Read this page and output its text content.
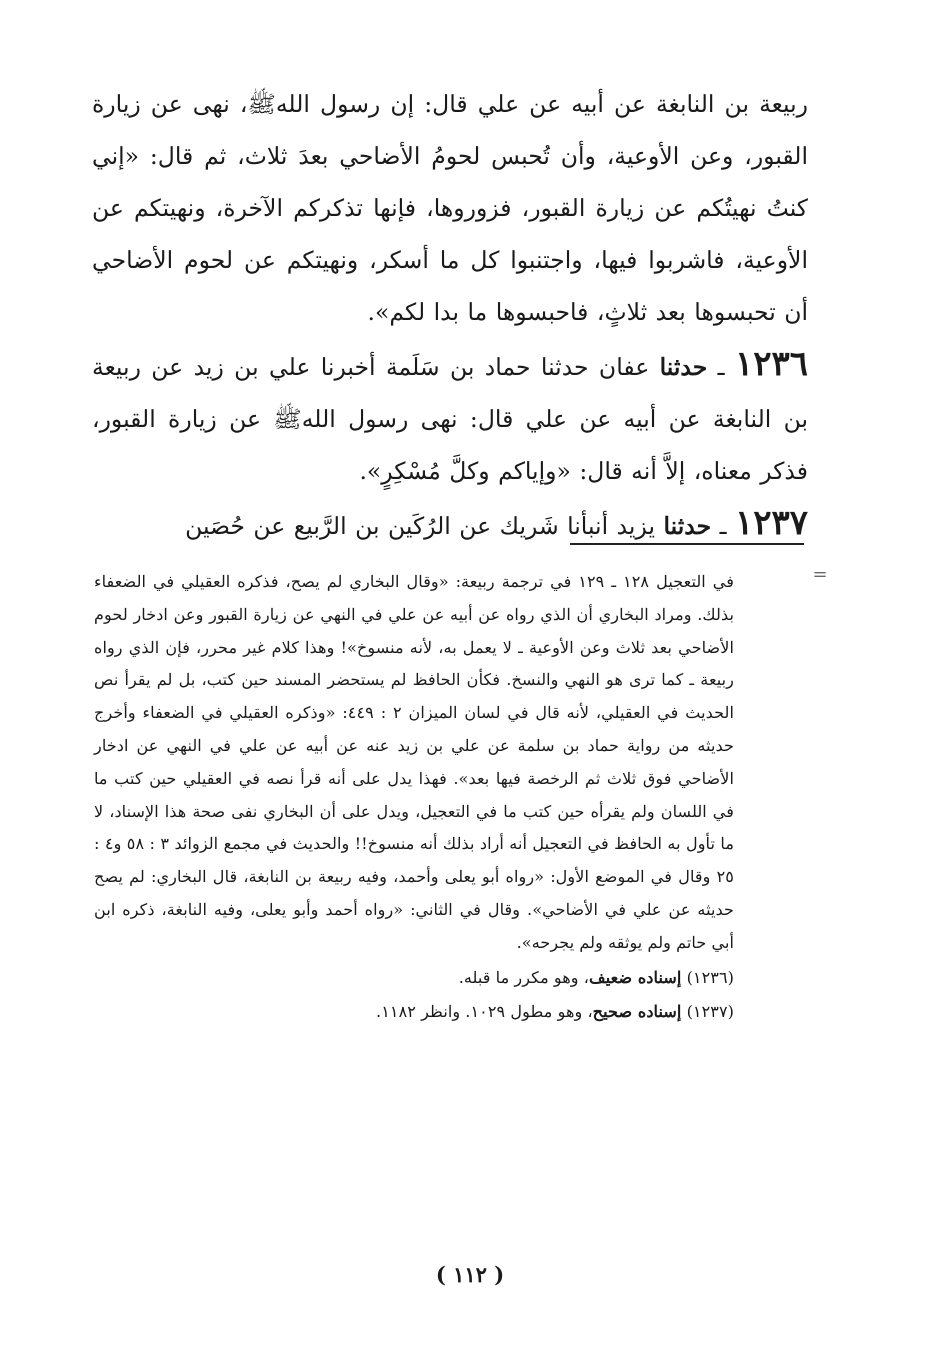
ربيعة بن النابغة عن أبيه عن علي قال: إن رسول اللهﷺ، نهى عن زيارة القبور، وعن الأوعية، وأن تُحبس لحومُ الأضاحي بعدَ ثلاث، ثم قال: «إني كنتُ نهيتُكم عن زيارة القبور، فزوروها، فإنها تذكركم الآخرة، ونهيتكم عن الأوعية، فاشربوا فيها، واجتنبوا كل ما أسكر، ونهيتكم عن لحوم الأضاحي أن تحبسوها بعد ثلاثٍ، فاحبسوها ما بدا لكم».

١٢٣٦ ـ حدثنا عفان حدثنا حماد بن سَلَمة أخبرنا علي بن زيد عن ربيعة بن النابغة عن أبيه عن علي قال: نهى رسول اللهﷺ عن زيارة القبور، فذكر معناه، إلاَّ أنه قال: «وإياكم وكلَّ مُسْكِرٍ».

١٢٣٧ ـ حدثنا يزيد أنبأنا شَريك عن الرُكَين بن الرَّبيع عن حُصَين

=

في التعجيل ١٢٨ ـ ١٢٩ في ترجمة ربيعة: «وقال البخاري لم يصح، فذكره العقيلي في الضعفاء بذلك. ومراد البخاري أن الذي رواه عن أبيه عن علي في النهي عن زيارة القبور وعن ادخار لحوم الأضاحي بعد ثلاث وعن الأوعية ـ لا يعمل به، لأنه منسوخ»! وهذا كلام غير محرر، فإن الذي رواه ربيعة ـ كما ترى هو النهي والنسخ. فكأن الحافظ لم يستحضر المسند حين كتب، بل لم يقرأ نص الحديث في العقيلي، لأنه قال في لسان الميزان ٢ : ٤٤٩: «وذكره العقيلي في الضعفاء وأخرج حديثه من رواية حماد بن سلمة عن علي بن زيد عنه عن أبيه عن علي في النهي عن ادخار الأضاحي فوق ثلاث ثم الرخصة فيها بعد». فهذا يدل على أنه قرأ نصه في العقيلي حين كتب ما في اللسان ولم يقرأه حين كتب ما في التعجيل، ويدل على أن البخاري نفى صحة هذا الإسناد، لا ما تأول به الحافظ في التعجيل أنه أراد بذلك أنه منسوخ!! والحديث في مجمع الزوائد ٣ : ٥٨ و٤ : ٢٥ وقال في الموضع الأول: «رواه أبو يعلى وأحمد، وفيه ربيعة بن النابغة، قال البخاري: لم يصح حديثه عن علي في الأضاحي». وقال في الثاني: «رواه أحمد وأبو يعلى، وفيه النابغة، ذكره ابن أبي حاتم ولم يوثقه ولم يجرحه».

(١٢٣٦) إسناده ضعيف، وهو مكرر ما قبله.

(١٢٣٧) إسناده صحيح، وهو مطول ١٠٢٩. وانظر ١١٨٢.

( ١١٢ )
